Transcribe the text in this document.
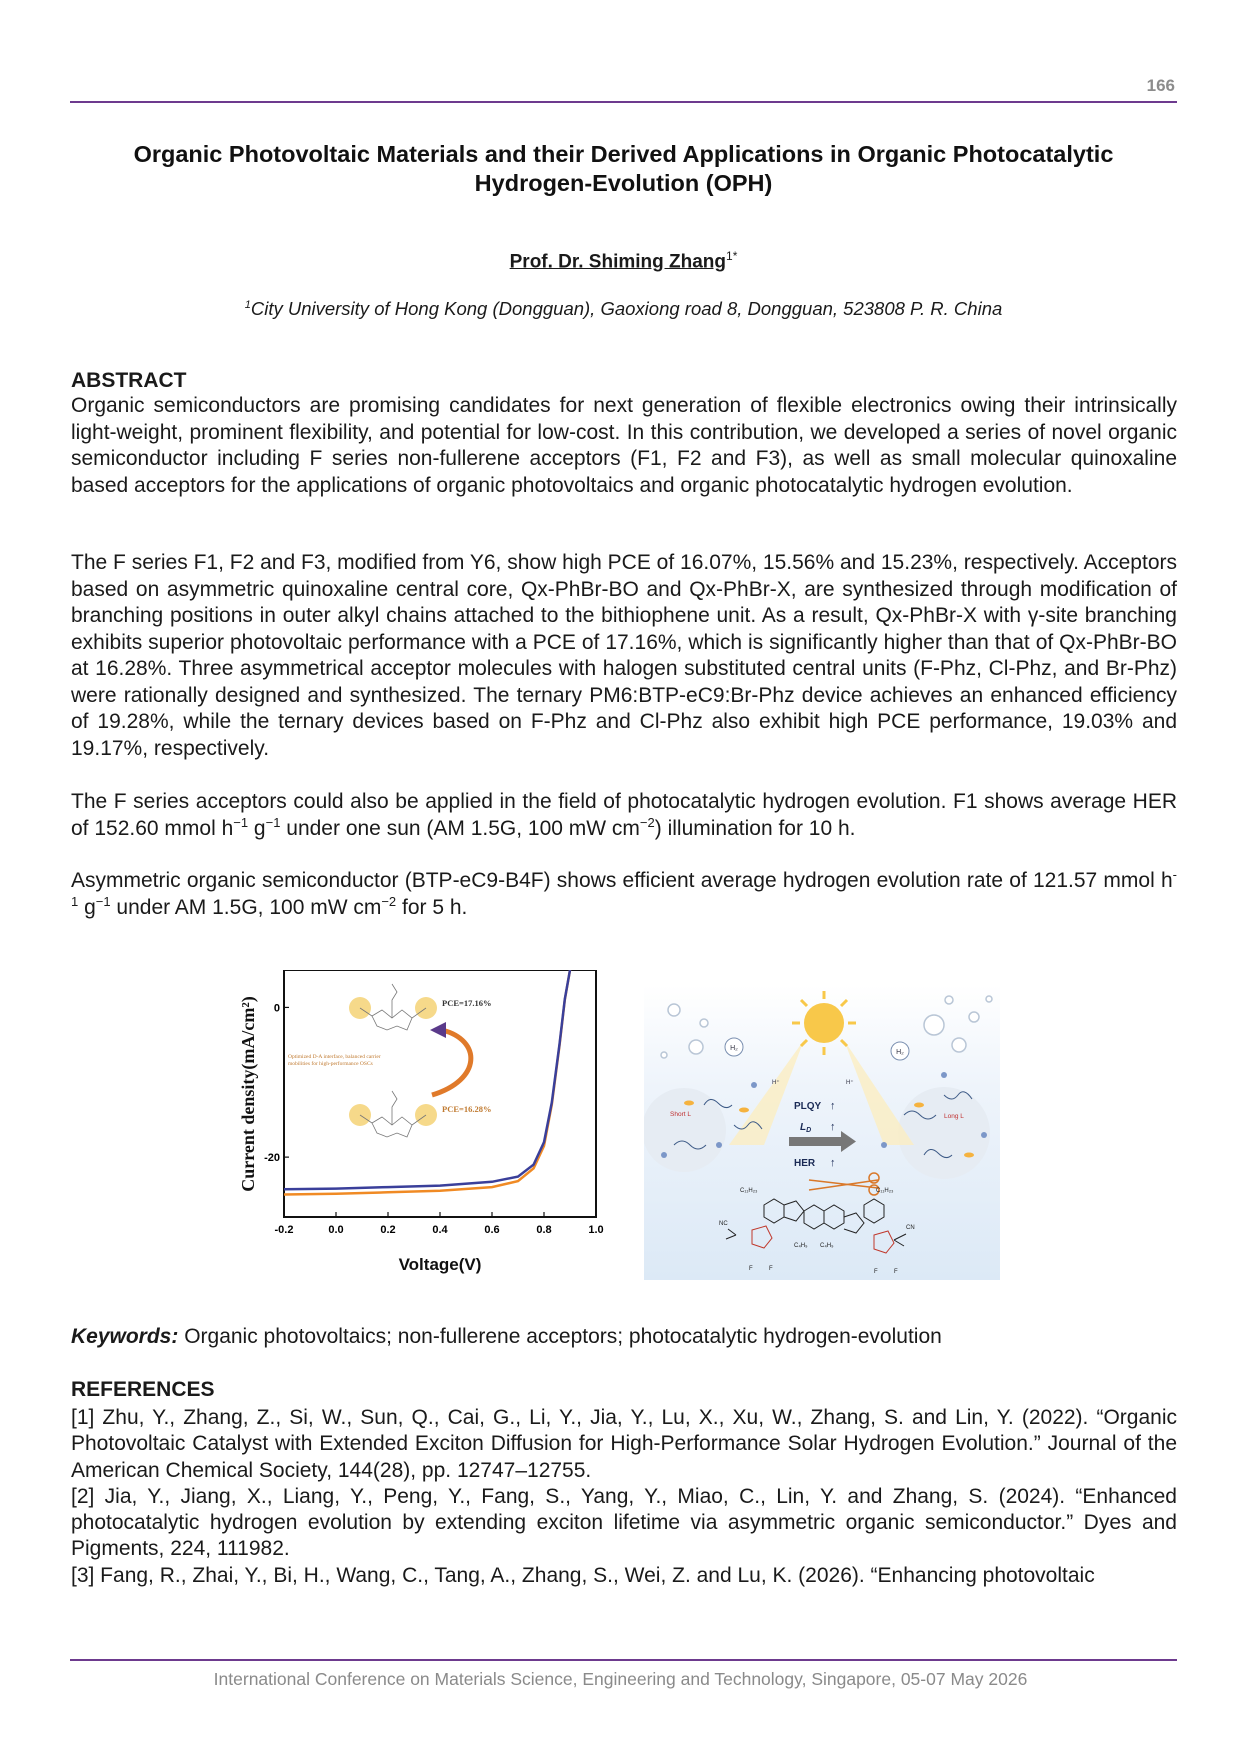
166
Organic Photovoltaic Materials and their Derived Applications in Organic Photocatalytic
Hydrogen-Evolution (OPH)
Prof. Dr. Shiming Zhang$^{1*}$
$^1$City University of Hong Kong (Dongguan), Gaoxiong road 8, Dongguan, 523808 P. R. China
ABSTRACT

Organic semiconductors are promising candidates for next generation of flexible electronics owing their intrinsically light-weight, prominent flexibility, and potential for low-cost. In this contribution, we developed a series of novel organic semiconductor including F series non-fullerene acceptors (F1, F2 and F3), as well as small molecular quinoxaline based acceptors for the applications of organic photovoltaics and organic photocatalytic hydrogen evolution.

The F series F1, F2 and F3, modified from Y6, show high PCE of 16.07%, 15.56% and 15.23%, respectively. Acceptors based on asymmetric quinoxaline central core, Qx-PhBr-BO and Qx-PhBr-X, are synthesized through modification of branching positions in outer alkyl chains attached to the bithiophene unit. As a result, Qx-PhBr-X with γ-site branching exhibits superior photovoltaic performance with a PCE of 17.16%, which is significantly higher than that of Qx-PhBr-BO at 16.28%. Three asymmetrical acceptor molecules with halogen substituted central units (F-Phz, Cl-Phz, and Br-Phz) were rationally designed and synthesized. The ternary PM6:BTP-eC9:Br-Phz device achieves an enhanced efficiency of 19.28%, while the ternary devices based on F-Phz and Cl-Phz also exhibit high PCE performance, 19.03% and 19.17%, respectively.

The F series acceptors could also be applied in the field of photocatalytic hydrogen evolution. F1 shows average HER of 152.60 mmol $h^{-1}$ $g^{-1}$ under one sun (AM 1.5G, 100 mW $cm^{-2}$) illumination for 10 h.

Asymmetric organic semiconductor (BTP-eC9-B4F) shows efficient average hydrogen evolution rate of 121.57 mmol $h^{-1}$ $g^{-1}$ under AM 1.5G, 100 mW $cm^{-2}$ for 5 h.

-0.2	0.0	0.2	0.4	0.6	0.8	1.0
0
-20
Voltage(V)
Current density(mA/cm²)	PCE=17.16%
Optimized D-A interface, balanced carrier
mobilities for high-performance OSCs
PCE=16.28%
H₂
H₂
H⁺	H⁺
Short L	Long L
PLQY ↑
$L_D$ ↑
HER ↑
C₁₁H₂₃	C₁₁H₂₃
C₄H₉ C₄H₉
NC
CN
F	F	F	F
Keywords: Organic photovoltaics; non-fullerene acceptors; photocatalytic hydrogen-evolution
REFERENCES

[1] Zhu, Y., Zhang, Z., Si, W., Sun, Q., Cai, G., Li, Y., Jia, Y., Lu, X., Xu, W., Zhang, S. and Lin, Y. (2022). “Organic Photovoltaic Catalyst with Extended Exciton Diffusion for High-Performance Solar Hydrogen Evolution.” Journal of the American Chemical Society, 144(28), pp. 12747–12755.

[2] Jia, Y., Jiang, X., Liang, Y., Peng, Y., Fang, S., Yang, Y., Miao, C., Lin, Y. and Zhang, S. (2024). “Enhanced photocatalytic hydrogen evolution by extending exciton lifetime via asymmetric organic semiconductor.” Dyes and Pigments, 224, 111982.

[3] Fang, R., Zhai, Y., Bi, H., Wang, C., Tang, A., Zhang, S., Wei, Z. and Lu, K. (2026). “Enhancing photovoltaic

International Conference on Materials Science, Engineering and Technology, Singapore, 05-07 May 2026
